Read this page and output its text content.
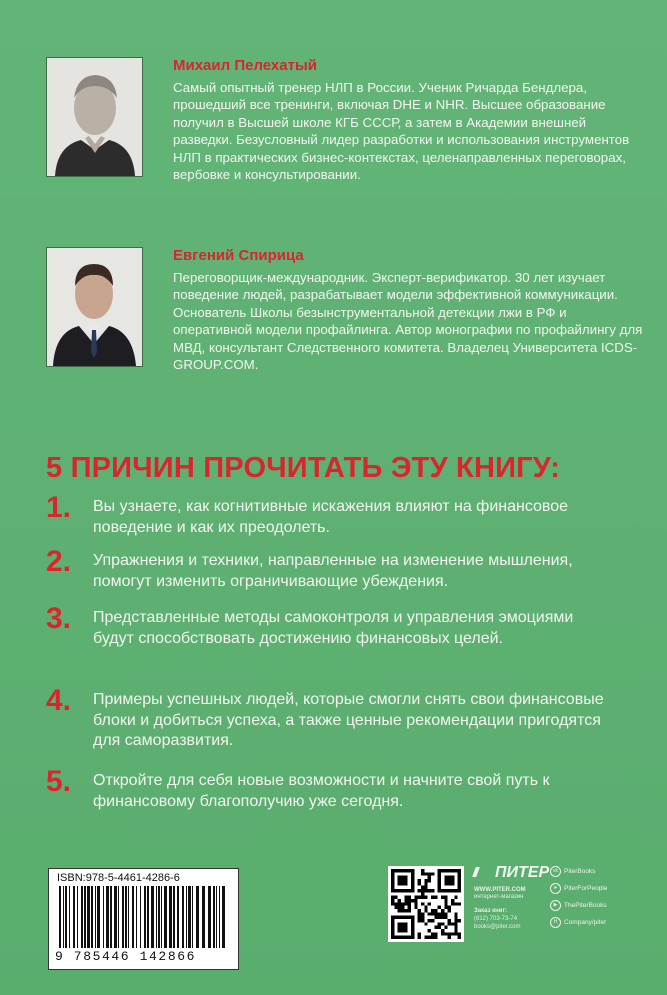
Михаил Пелехатый
Самый опытный тренер НЛП в России. Ученик Ричарда Бендлера, прошедший все тренинги, включая DHE и NHR. Высшее образование получил в Высшей школе КГБ СССР, а затем в Академии внешней разведки. Безусловный лидер разработки и использования инструментов НЛП в практических бизнес-контекстах, целенаправленных переговорах, вербовке и консультировании.
Евгений Спирица
Переговорщик-международник. Эксперт-верификатор. 30 лет изучает поведение людей, разрабатывает модели эффективной коммуникации. Основатель Школы безынструментальной детекции лжи в РФ и оперативной модели профайлинга. Автор монографии по профайлингу для МВД, консультант Следственного комитета. Владелец Университета ICDS-GROUP.COM.
5 ПРИЧИН ПРОЧИТАТЬ ЭТУ КНИГУ:
1. Вы узнаете, как когнитивные искажения влияют на финансовое поведение и как их преодолеть.
2. Упражнения и техники, направленные на изменение мышления, помогут изменить ограничивающие убеждения.
3. Представленные методы самоконтроля и управления эмоциями будут способствовать достижению финансовых целей.
4. Примеры успешных людей, которые смогли снять свои финансовые блоки и добиться успеха, а также ценные рекомендации пригодятся для саморазвития.
5. Откройте для себя новые возможности и начните свой путь к финансовому благополучию уже сегодня.
ISBN:978-5-4461-4286-6
9 785446 142866
ПИТЕР
WWW.PITER.COM
интернет-магазин
Заказ книг:
(812) 703-73-74
books@piter.com
vk PiterBooks
➤ PiterForPeople
▶ ThePiterBooks
H Company/piter
